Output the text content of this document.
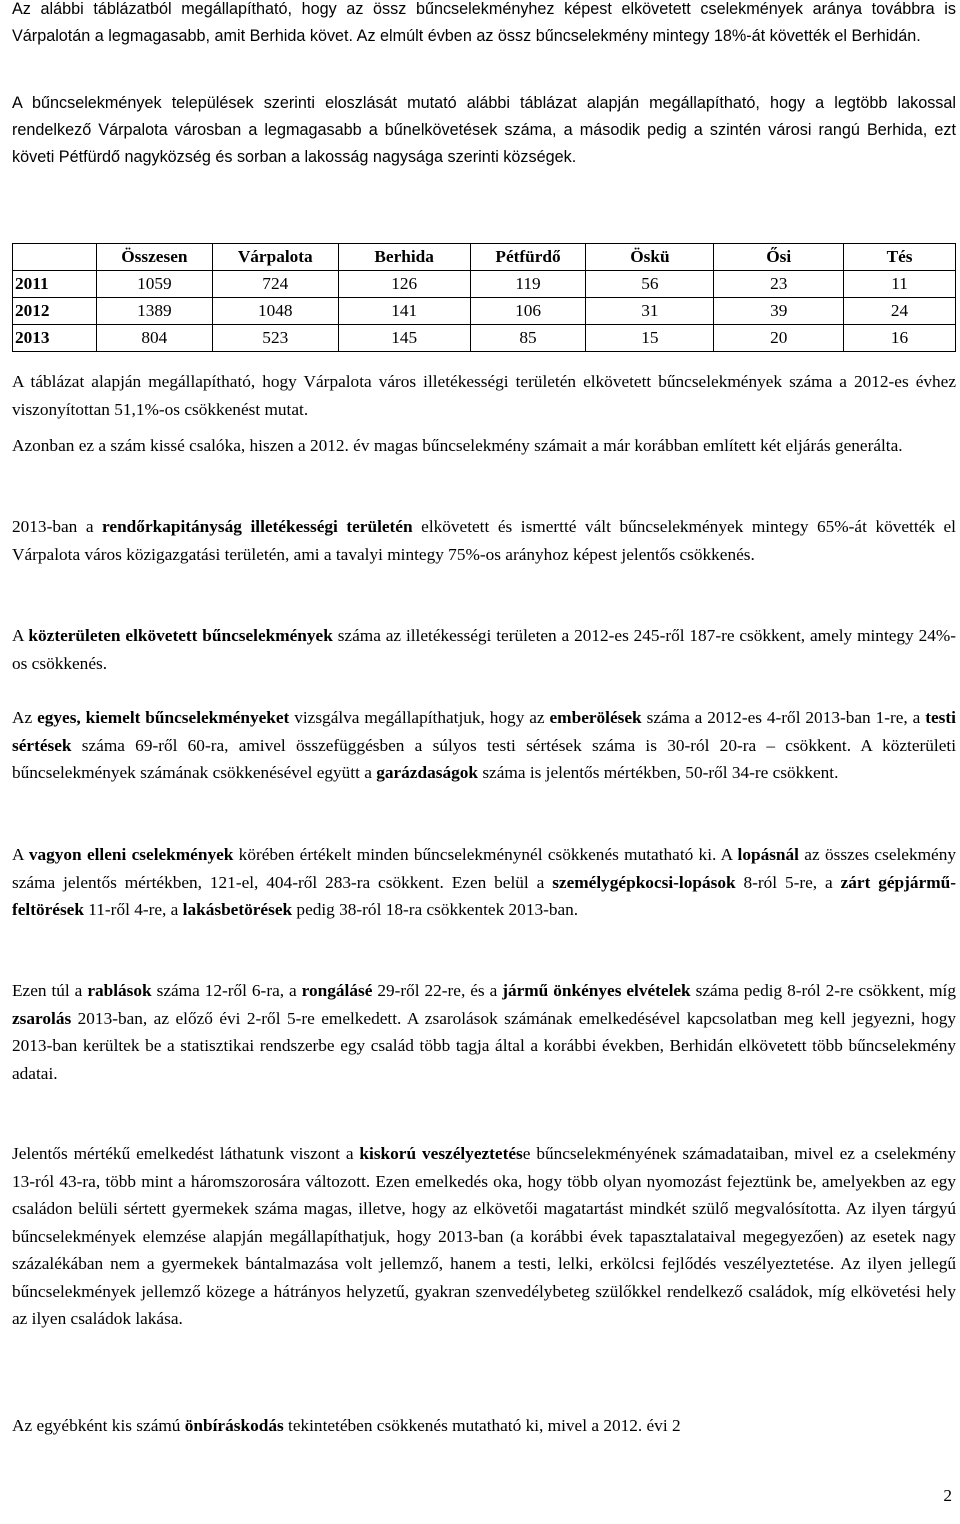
Az alábbi táblázatból megállapítható, hogy az össz bűncselekményhez képest elkövetett cselekmények aránya továbbra is Várpalotán a legmagasabb, amit Berhida követ. Az elmúlt évben az össz bűncselekmény mintegy 18%-át követték el Berhidán.

A bűncselekmények települések szerinti eloszlását mutató alábbi táblázat alapján megállapítható, hogy a legtöbb lakossal rendelkező Várpalota városban a legmagasabb a bűnelkövetések száma, a második pedig a szintén városi rangú Berhida, ezt követi Pétfürdő nagyközség és sorban a lakosság nagysága szerinti községek.

	Összesen	Várpalota	Berhida	Pétfürdő	Öskü	Ősi	Tés
2011	1059	724	126	119	56	23	11
2012	1389	1048	141	106	31	39	24
2013	804	523	145	85	15	20	16

A táblázat alapján megállapítható, hogy Várpalota város illetékességi területén elkövetett bűncselekmények száma a 2012-es évhez viszonyítottan 51,1%-os csökkenést mutat.

Azonban ez a szám kissé csalóka, hiszen a 2012. év magas bűncselekmény számait a már korábban említett két eljárás generálta.

2013-ban a rendőrkapitányság illetékességi területén elkövetett és ismertté vált bűncselekmények mintegy 65%-át követték el Várpalota város közigazgatási területén, ami a tavalyi mintegy 75%-os arányhoz képest jelentős csökkenés.

A közterületen elkövetett bűncselekmények száma az illetékességi területen a 2012-es 245-ről 187-re csökkent, amely mintegy 24%-os csökkenés.

Az egyes, kiemelt bűncselekményeket vizsgálva megállapíthatjuk, hogy az emberölések száma a 2012-es 4-ről 2013-ban 1-re, a testi sértések száma 69-ről 60-ra, amivel összefüggésben a súlyos testi sértések száma is 30-ról 20-ra – csökkent. A közterületi bűncselekmények számának csökkenésével együtt a garázdaságok száma is jelentős mértékben, 50-ről 34-re csökkent.

A vagyon elleni cselekmények körében értékelt minden bűncselekménynél csökkenés mutatható ki. A lopásnál az összes cselekmény száma jelentős mértékben, 121-el, 404-ről 283-ra csökkent. Ezen belül a személygépkocsi-lopások 8-ról 5-re, a zárt gépjármű-feltörések 11-ről 4-re, a lakásbetörések pedig 38-ról 18-ra csökkentek 2013-ban.

Ezen túl a rablások száma 12-ről 6-ra, a rongálásé 29-ről 22-re, és a jármű önkényes elvételek száma pedig 8-ról 2-re csökkent, míg zsarolás 2013-ban, az előző évi 2-ről 5-re emelkedett. A zsarolások számának emelkedésével kapcsolatban meg kell jegyezni, hogy 2013-ban kerültek be a statisztikai rendszerbe egy család több tagja által a korábbi években, Berhidán elkövetett több bűncselekmény adatai.

Jelentős mértékű emelkedést láthatunk viszont a kiskorú veszélyeztetése bűncselekményének számadataiban, mivel ez a cselekmény 13-ról 43-ra, több mint a háromszorosára változott. Ezen emelkedés oka, hogy több olyan nyomozást fejeztünk be, amelyekben az egy családon belüli sértett gyermekek száma magas, illetve, hogy az elkövetői magatartást mindkét szülő megvalósította. Az ilyen tárgyú bűncselekmények elemzése alapján megállapíthatjuk, hogy 2013-ban (a korábbi évek tapasztalataival megegyezően) az esetek nagy százalékában nem a gyermekek bántalmazása volt jellemző, hanem a testi, lelki, erkölcsi fejlődés veszélyeztetése. Az ilyen jellegű bűncselekmények jellemző közege a hátrányos helyzetű, gyakran szenvedélybeteg szülőkkel rendelkező családok, míg elkövetési hely az ilyen családok lakása.

Az egyébként kis számú önbíráskodás tekintetében csökkenés mutatható ki, mivel a 2012. évi 2

2
